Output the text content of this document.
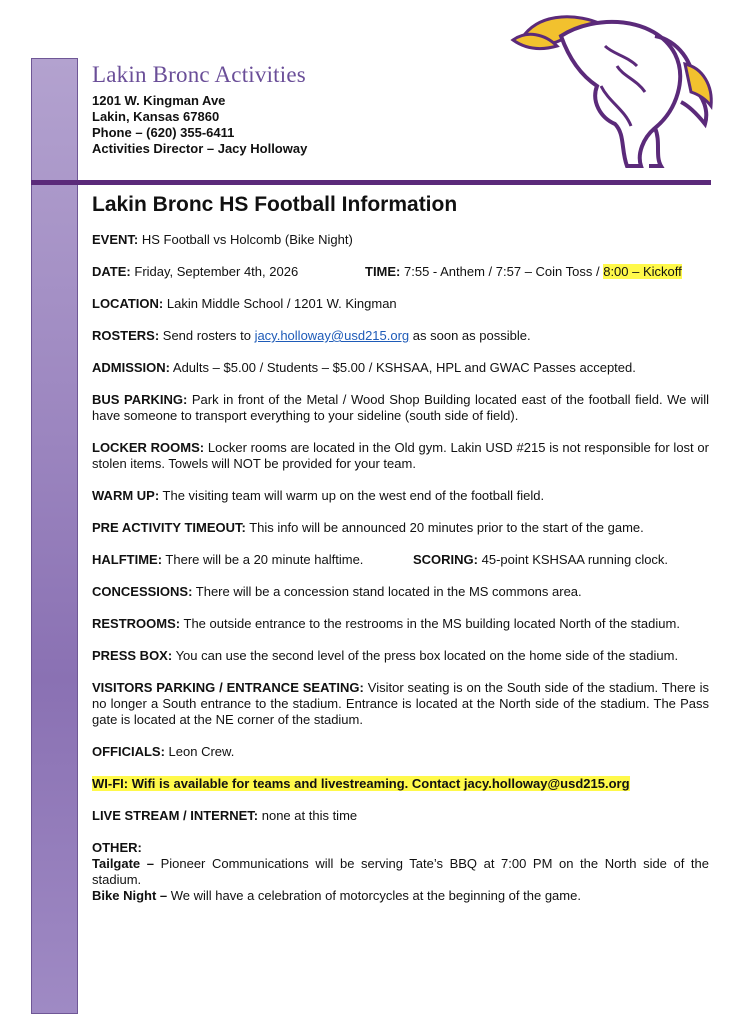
Lakin Bronc Activities
1201 W. Kingman Ave
Lakin, Kansas 67860
Phone – (620) 355-6411
Activities Director – Jacy Holloway
Lakin Bronc HS Football Information
EVENT: HS Football vs Holcomb (Bike Night)
DATE: Friday, September 4th, 2026	TIME: 7:55 - Anthem / 7:57 – Coin Toss / 8:00 – Kickoff
LOCATION: Lakin Middle School / 1201 W. Kingman
ROSTERS: Send rosters to jacy.holloway@usd215.org as soon as possible.
ADMISSION: Adults – $5.00 / Students – $5.00 / KSHSAA, HPL and GWAC Passes accepted.
BUS PARKING: Park in front of the Metal / Wood Shop Building located east of the football field. We will have someone to transport everything to your sideline (south side of field).
LOCKER ROOMS: Locker rooms are located in the Old gym. Lakin USD #215 is not responsible for lost or stolen items. Towels will NOT be provided for your team.
WARM UP: The visiting team will warm up on the west end of the football field.
PRE ACTIVITY TIMEOUT: This info will be announced 20 minutes prior to the start of the game.
HALFTIME: There will be a 20 minute halftime.	SCORING: 45-point KSHSAA running clock.
CONCESSIONS: There will be a concession stand located in the MS commons area.
RESTROOMS: The outside entrance to the restrooms in the MS building located North of the stadium.
PRESS BOX: You can use the second level of the press box located on the home side of the stadium.
VISITORS PARKING / ENTRANCE SEATING: Visitor seating is on the South side of the stadium. There is no longer a South entrance to the stadium. Entrance is located at the North side of the stadium. The Pass gate is located at the NE corner of the stadium.
OFFICIALS: Leon Crew.
WI-FI: Wifi is available for teams and livestreaming. Contact jacy.holloway@usd215.org
LIVE STREAM / INTERNET: none at this time
OTHER:
Tailgate – Pioneer Communications will be serving Tate’s BBQ at 7:00 PM on the North side of the stadium.
Bike Night – We will have a celebration of motorcycles at the beginning of the game.
